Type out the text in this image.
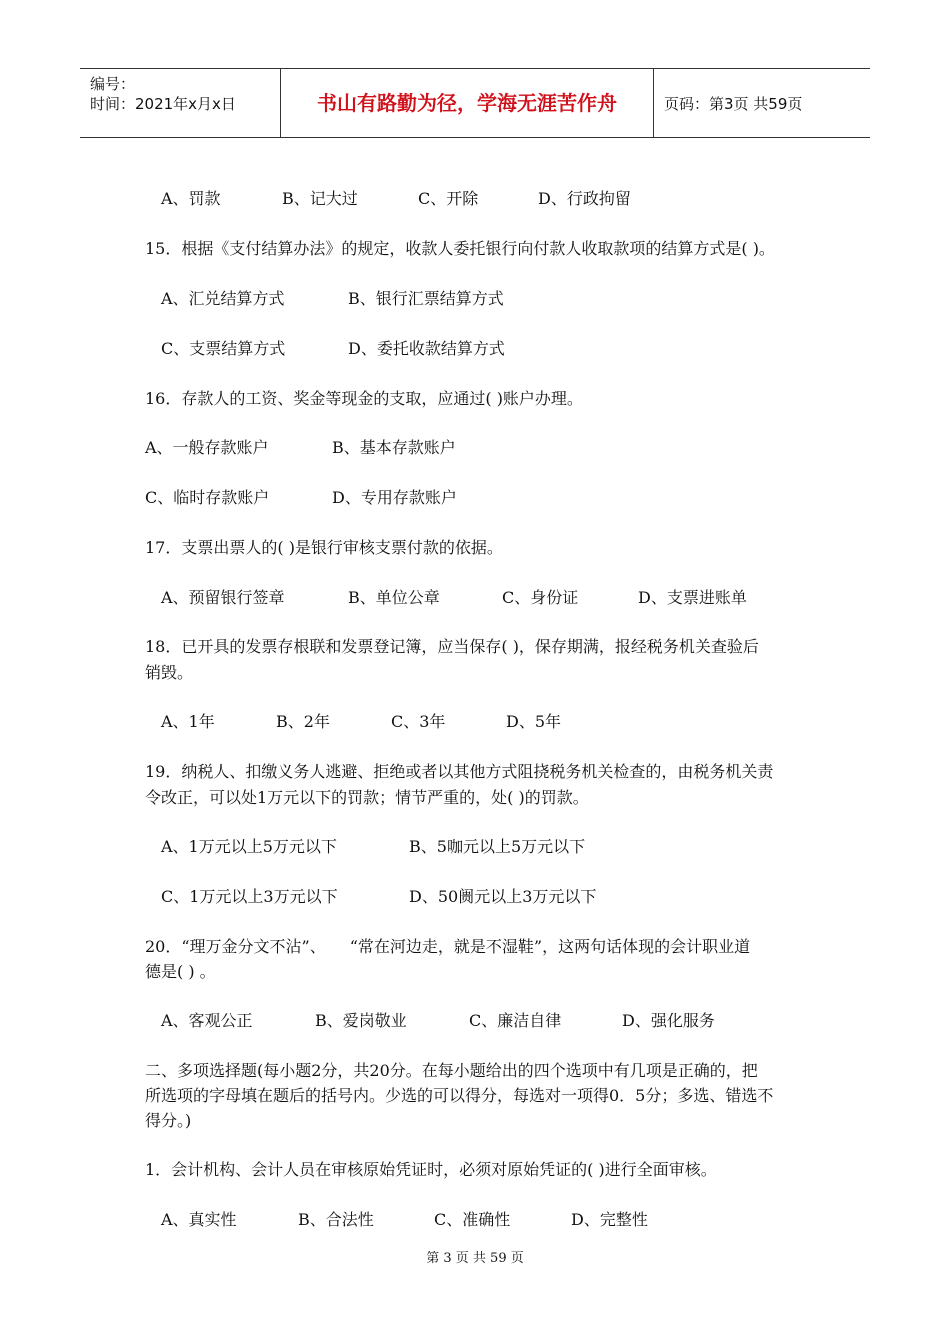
编号：
时间：2021年x月x日	书山有路勤为径，学海无涯苦作舟	页码：第3页 共59页
A、罚款	B、记大过	C、开除	D、行政拘留
15．根据《支付结算办法》的规定，收款人委托银行向付款人收取款项的结算方式是( )。
A、汇兑结算方式	B、银行汇票结算方式
C、支票结算方式	D、委托收款结算方式
16．存款人的工资、奖金等现金的支取，应通过( )账户办理。
A、一般存款账户	B、基本存款账户
C、临时存款账户	D、专用存款账户
17．支票出票人的( )是银行审核支票付款的依据。
A、预留银行签章	B、单位公章	C、身份证	D、支票进账单
18．已开具的发票存根联和发票登记簿，应当保存( )，保存期满，报经税务机关查验后
销毁。
A、1年	B、2年	C、3年	D、5年
19．纳税人、扣缴义务人逃避、拒绝或者以其他方式阻挠税务机关检查的，由税务机关责
令改正，可以处1万元以下的罚款；情节严重的，处( )的罚款。
A、1万元以上5万元以下	B、5咖元以上5万元以下
C、1万元以上3万元以下	D、50阓元以上3万元以下
20．“理万金分文不沾”、　　“常在河边走，就是不湿鞋”，这两句话体现的会计职业道
德是( ) 。
A、客观公正	B、爱岗敬业	C、廉洁自律	D、强化服务
二、多项选择题(每小题2分，共20分。在每小题给出的四个选项中有几项是正确的，把
所选项的字母填在题后的括号内。少选的可以得分，每选对一项得0．5分；多选、错选不
得分。)
1．会计机构、会计人员在审核原始凭证时，必须对原始凭证的( )进行全面审核。
A、真实性	B、合法性	C、准确性	D、完整性
第 3 页 共 59 页
